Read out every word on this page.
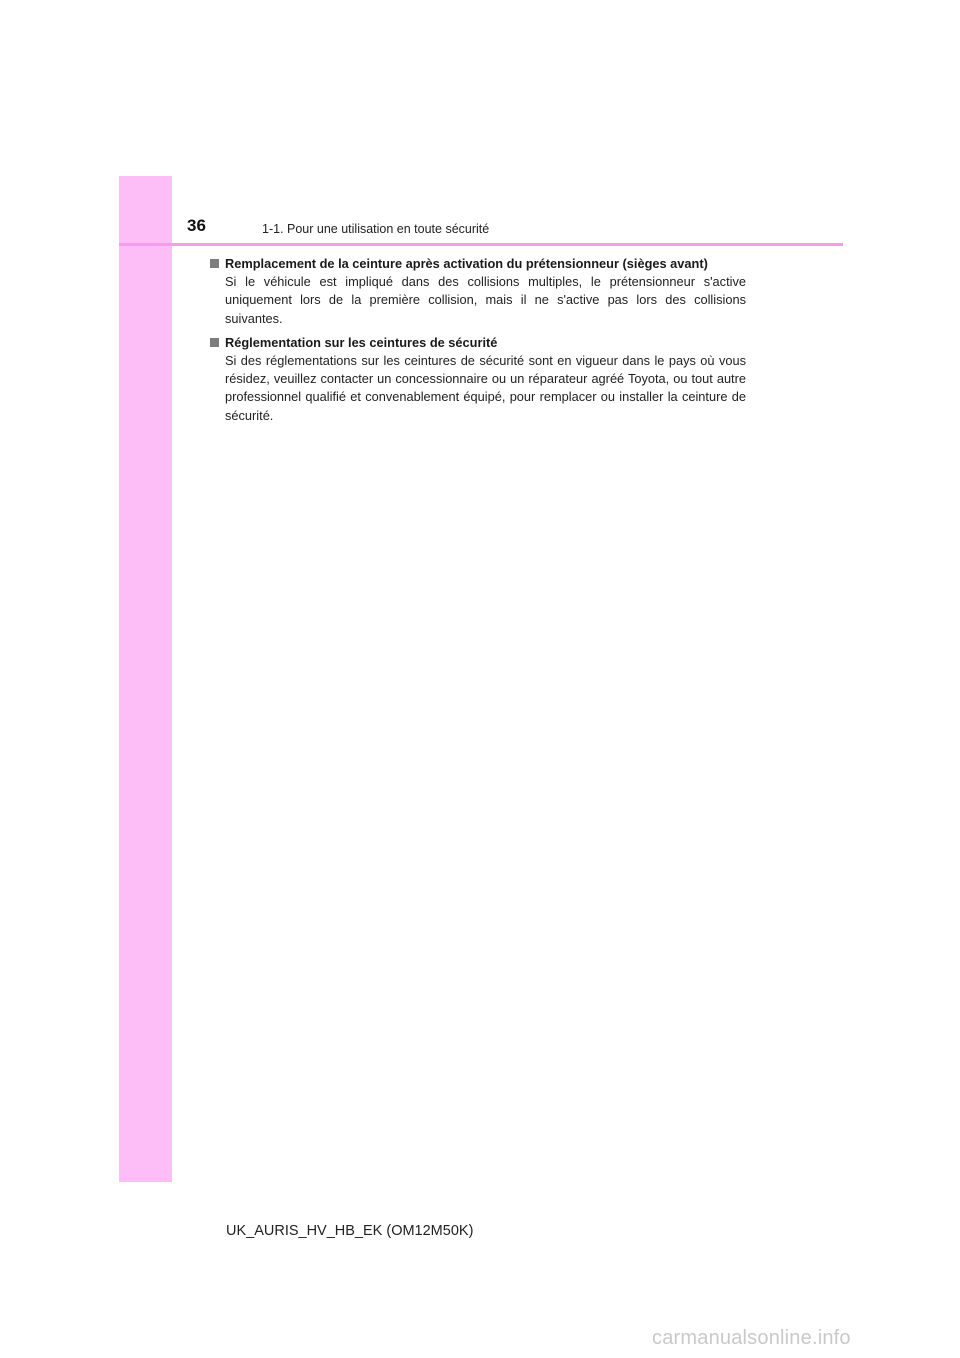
36	1-1. Pour une utilisation en toute sécurité
Remplacement de la ceinture après activation du prétensionneur (sièges avant)
Si le véhicule est impliqué dans des collisions multiples, le prétensionneur s'active uniquement lors de la première collision, mais il ne s'active pas lors des collisions suivantes.
Réglementation sur les ceintures de sécurité
Si des réglementations sur les ceintures de sécurité sont en vigueur dans le pays où vous résidez, veuillez contacter un concessionnaire ou un réparateur agréé Toyota, ou tout autre professionnel qualifié et convenablement équipé, pour remplacer ou installer la ceinture de sécurité.
UK_AURIS_HV_HB_EK (OM12M50K)
carmanualsonline.info
